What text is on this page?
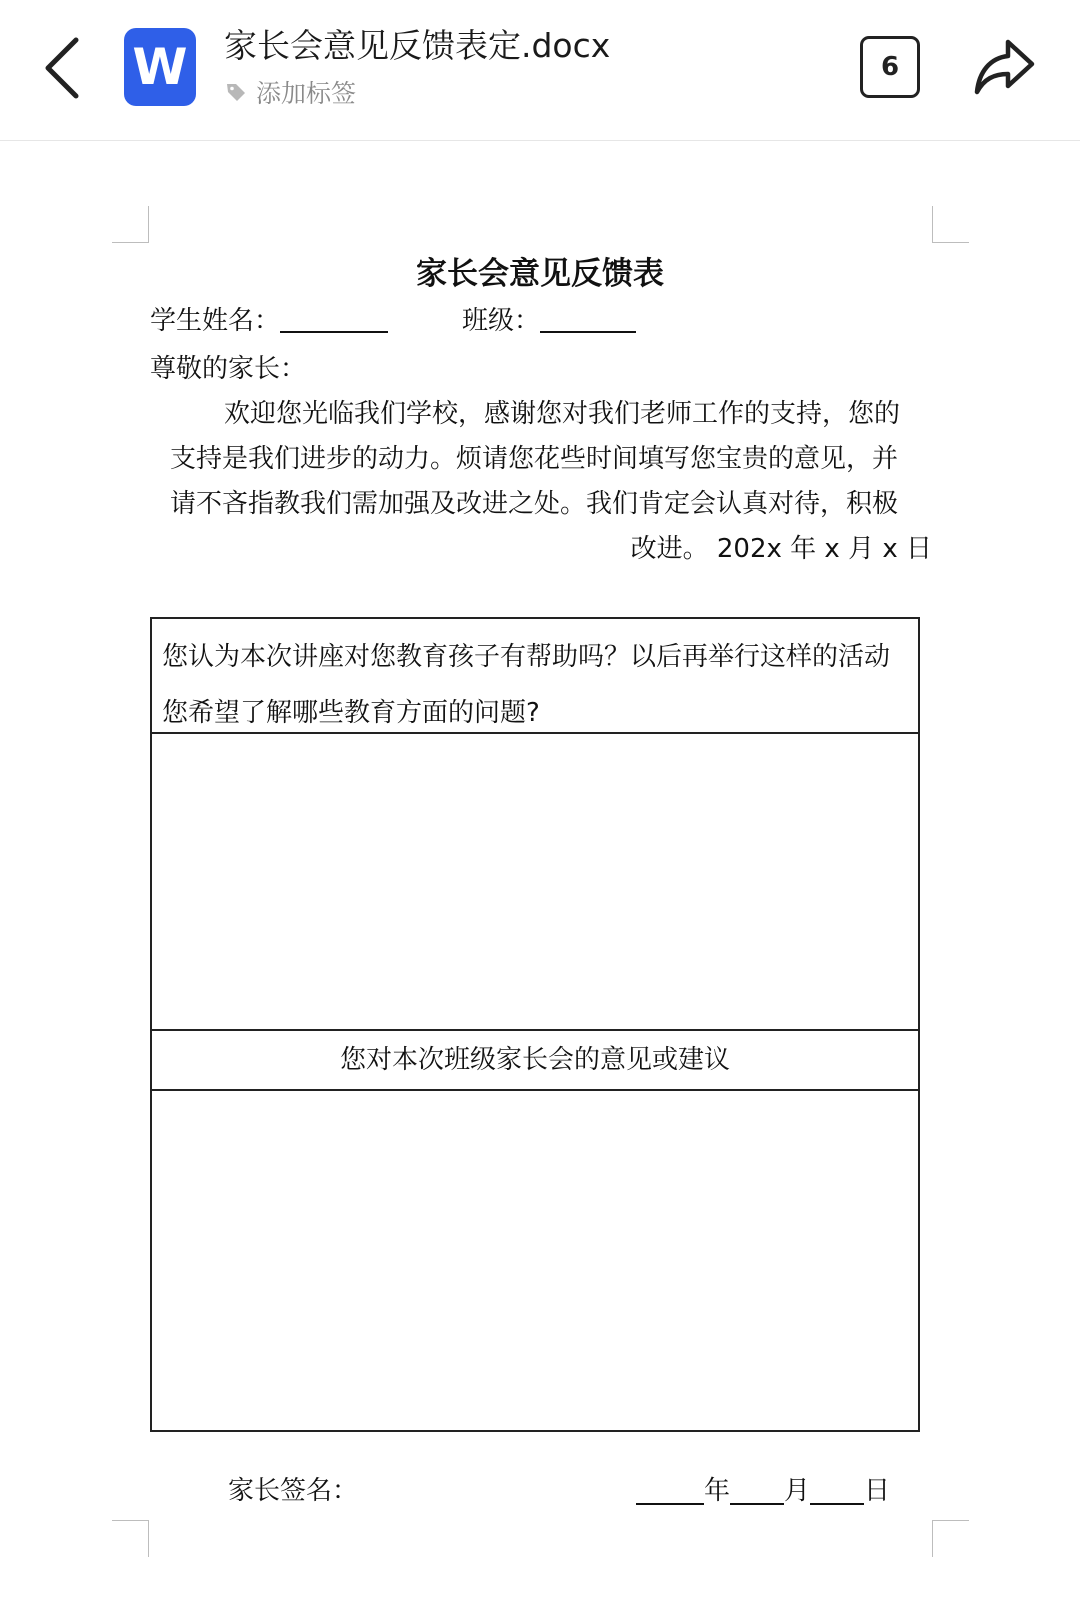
W 家长会意见反馈表定.docx
添加标签
6
家长会意见反馈表
学生姓名：	班级：
尊敬的家长：
欢迎您光临我们学校，感谢您对我们老师工作的支持，您的
支持是我们进步的动力。烦请您花些时间填写您宝贵的意见，并
请不吝指教我们需加强及改进之处。我们肯定会认真对待，积极
改进。 202x 年 x 月 x 日
您认为本次讲座对您教育孩子有帮助吗？以后再举行这样的活动您希望了解哪些教育方面的问题?
您对本次班级家长会的意见或建议
家长签名：	年 月 日
